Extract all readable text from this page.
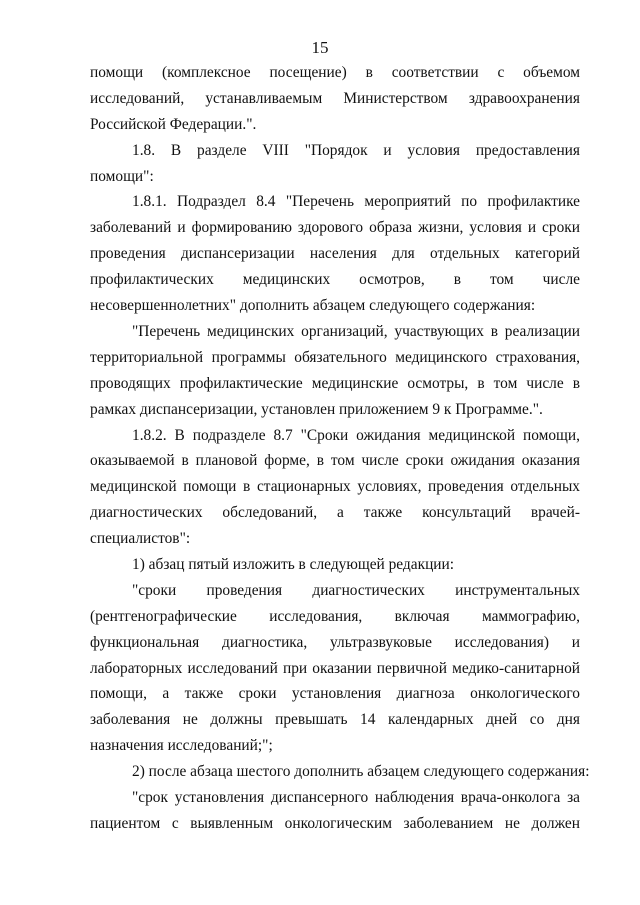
15
помощи (комплексное посещение) в соответствии с объемом
исследований, устанавливаемым Министерством здравоохранения
Российской Федерации.".
1.8. В разделе VIII "Порядок и условия предоставления
помощи":
1.8.1. Подраздел 8.4 "Перечень мероприятий по профилактике
заболеваний и формированию здорового образа жизни, условия и сроки
проведения диспансеризации населения для отдельных категорий
профилактических медицинских осмотров, в том числе
несовершеннолетних" дополнить абзацем следующего содержания:
"Перечень медицинских организаций, участвующих в реализации
территориальной программы обязательного медицинского страхования,
проводящих профилактические медицинские осмотры, в том числе в
рамках диспансеризации, установлен приложением 9 к Программе.".
1.8.2. В подразделе 8.7 "Сроки ожидания медицинской помощи,
оказываемой в плановой форме, в том числе сроки ожидания оказания
медицинской помощи в стационарных условиях, проведения отдельных
диагностических обследований, а также консультаций врачей-
специалистов":
1) абзац пятый изложить в следующей редакции:
"сроки проведения диагностических инструментальных
(рентгенографические исследования, включая маммографию,
функциональная диагностика, ультразвуковые исследования) и
лабораторных исследований при оказании первичной медико-санитарной
помощи, а также сроки установления диагноза онкологического
заболевания не должны превышать 14 календарных дней со дня
назначения исследований;";
2) после абзаца шестого дополнить абзацем следующего содержания:
"срок установления диспансерного наблюдения врача-онколога за
пациентом с выявленным онкологическим заболеванием не должен
